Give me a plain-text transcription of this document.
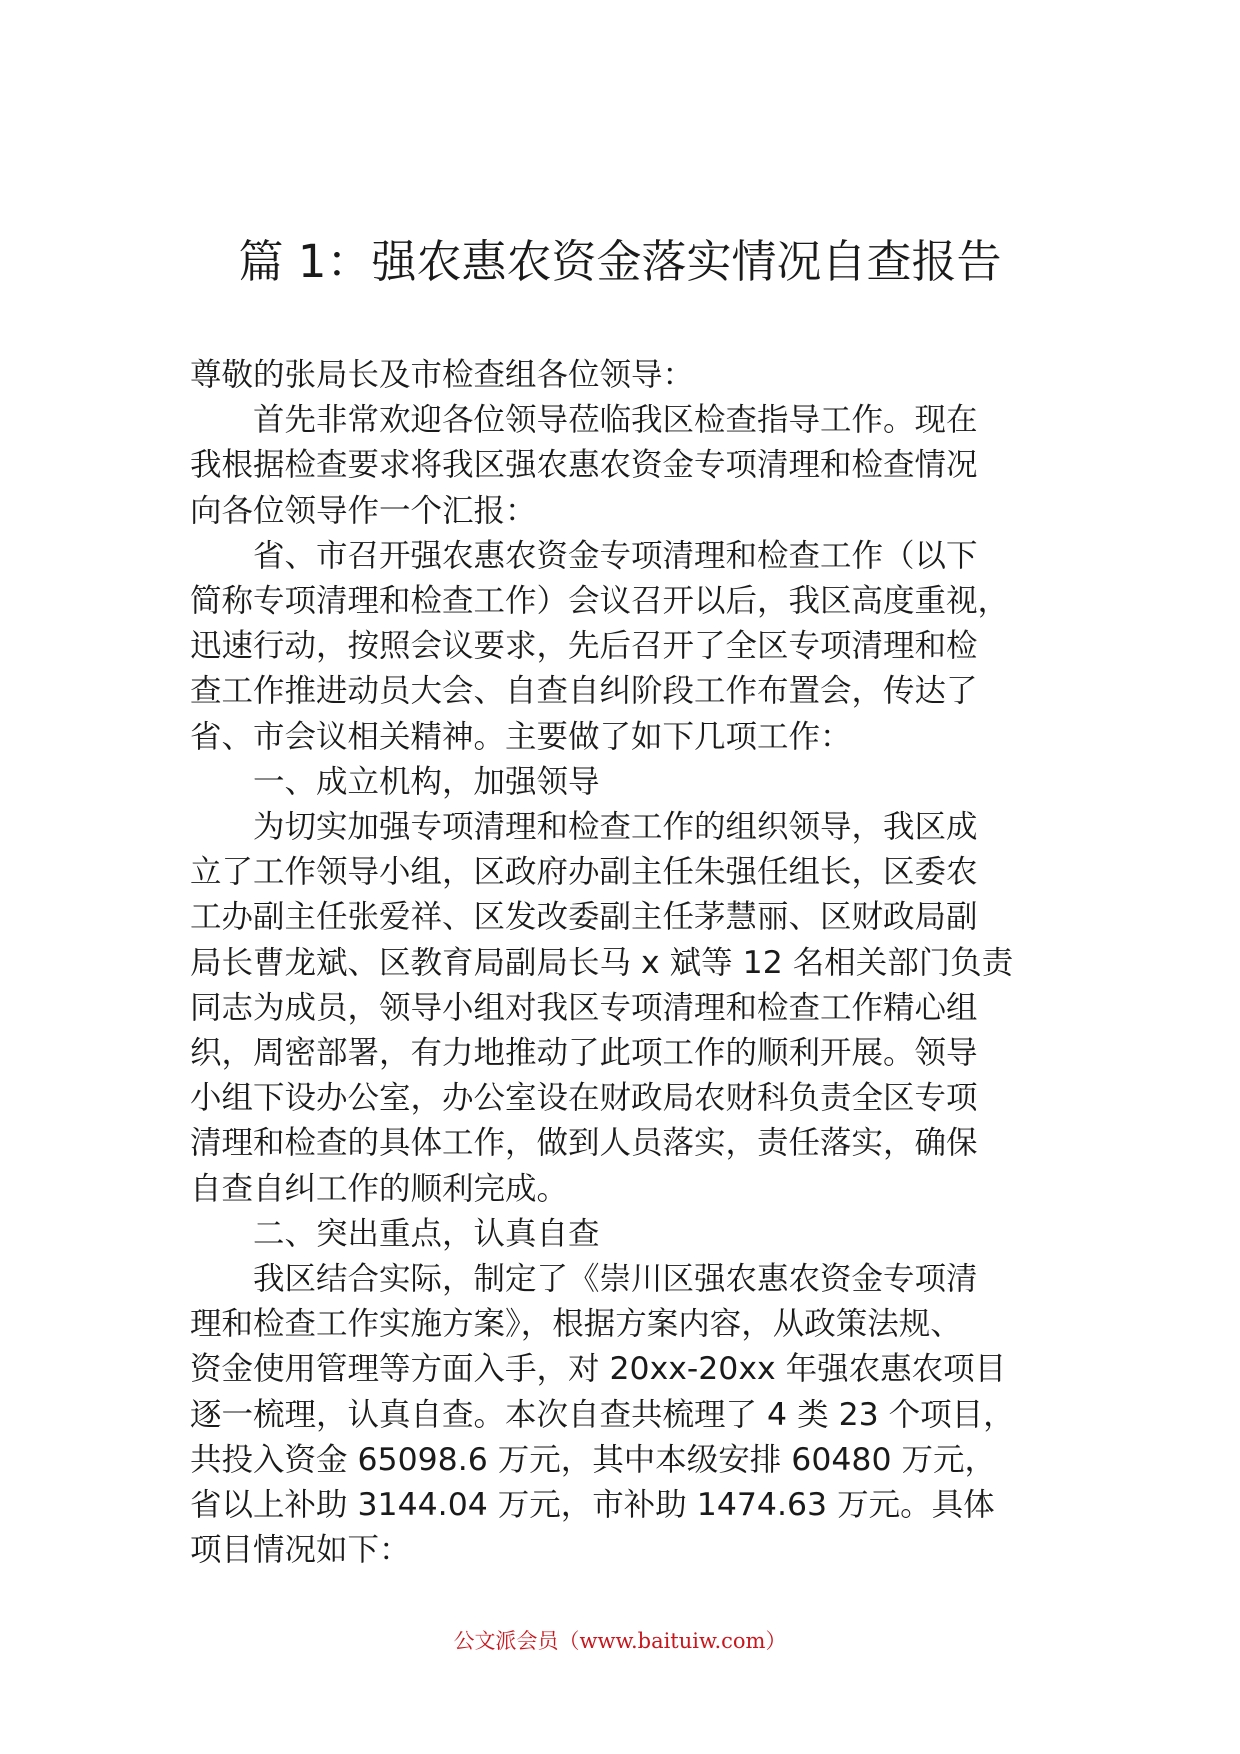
篇 1：强农惠农资金落实情况自查报告
尊敬的张局长及市检查组各位领导：
首先非常欢迎各位领导莅临我区检查指导工作。现在
我根据检查要求将我区强农惠农资金专项清理和检查情况
向各位领导作一个汇报：
省、市召开强农惠农资金专项清理和检查工作（以下
简称专项清理和检查工作）会议召开以后，我区高度重视，
迅速行动，按照会议要求，先后召开了全区专项清理和检
查工作推进动员大会、自查自纠阶段工作布置会，传达了
省、市会议相关精神。主要做了如下几项工作：
一、成立机构，加强领导
为切实加强专项清理和检查工作的组织领导，我区成
立了工作领导小组，区政府办副主任朱强任组长，区委农
工办副主任张爱祥、区发改委副主任茅慧丽、区财政局副
局长曹龙斌、区教育局副局长马 x 斌等 12 名相关部门负责
同志为成员，领导小组对我区专项清理和检查工作精心组
织，周密部署，有力地推动了此项工作的顺利开展。领导
小组下设办公室，办公室设在财政局农财科负责全区专项
清理和检查的具体工作，做到人员落实，责任落实，确保
自查自纠工作的顺利完成。
二、突出重点，认真自查
我区结合实际，制定了《崇川区强农惠农资金专项清
理和检查工作实施方案》，根据方案内容，从政策法规、
资金使用管理等方面入手，对 20xx-20xx 年强农惠农项目
逐一梳理，认真自查。本次自查共梳理了 4 类 23 个项目，
共投入资金 65098.6 万元，其中本级安排 60480 万元，
省以上补助 3144.04 万元，市补助 1474.63 万元。具体
项目情况如下：
公文派会员（www.baituiw.com）
